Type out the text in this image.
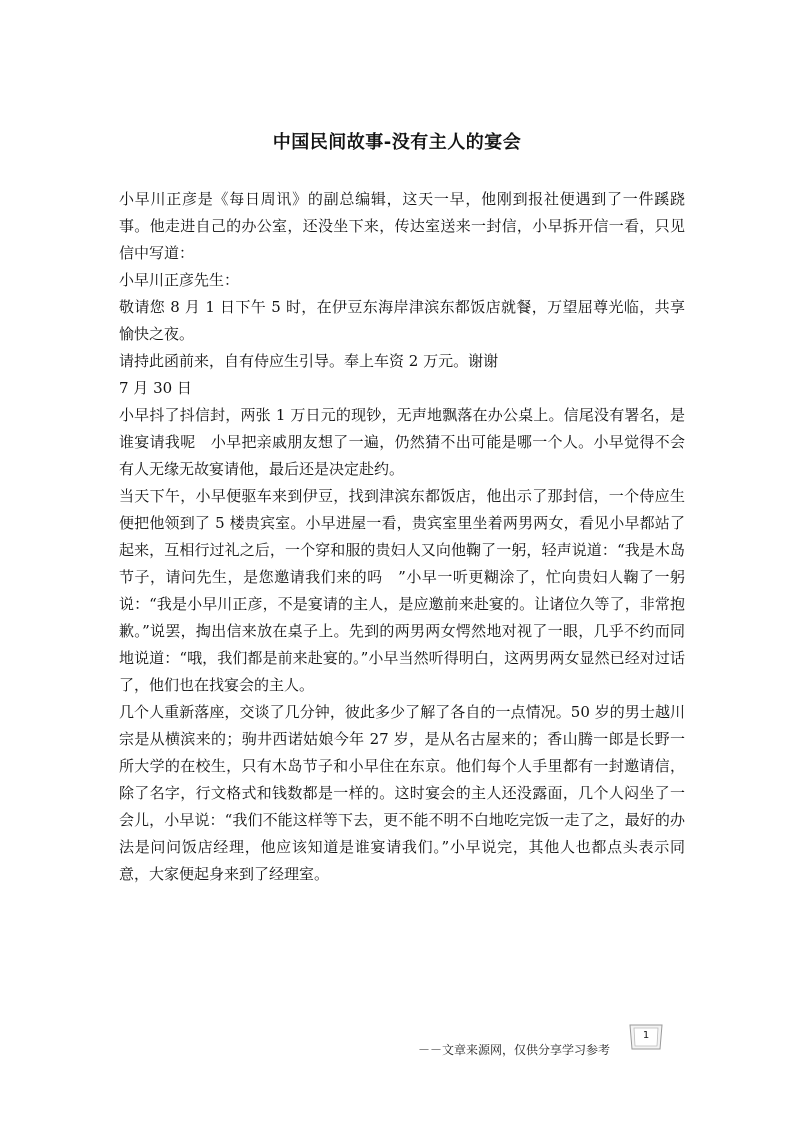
中国民间故事-没有主人的宴会

小早川正彦是《每日周讯》的副总编辑，这天一早，他刚到报社便遇到了一件蹊跷事。他走进自己的办公室，还没坐下来，传达室送来一封信，小早拆开信一看，只见信中写道：

小早川正彦先生：

敬请您 8 月 1 日下午 5 时，在伊豆东海岸津滨东都饭店就餐，万望屈尊光临，共享愉快之夜。

请持此函前来，自有侍应生引导。奉上车资 2 万元。谢谢

7 月 30 日

小早抖了抖信封，两张 1 万日元的现钞，无声地飘落在办公桌上。信尾没有署名，是谁宴请我呢　小早把亲戚朋友想了一遍，仍然猜不出可能是哪一个人。小早觉得不会有人无缘无故宴请他，最后还是决定赴约。

当天下午，小早便驱车来到伊豆，找到津滨东都饭店，他出示了那封信，一个侍应生便把他领到了 5 楼贵宾室。小早进屋一看，贵宾室里坐着两男两女，看见小早都站了起来，互相行过礼之后，一个穿和服的贵妇人又向他鞠了一躬，轻声说道：“我是木岛节子，请问先生，是您邀请我们来的吗　”小早一听更糊涂了，忙向贵妇人鞠了一躬说：“我是小早川正彦，不是宴请的主人，是应邀前来赴宴的。让诸位久等了，非常抱歉。”说罢，掏出信来放在桌子上。先到的两男两女愕然地对视了一眼，几乎不约而同地说道：“哦，我们都是前来赴宴的。”小早当然听得明白，这两男两女显然已经对过话了，他们也在找宴会的主人。

几个人重新落座，交谈了几分钟，彼此多少了解了各自的一点情况。50 岁的男士越川宗是从横滨来的；驹井西诺姑娘今年 27 岁，是从名古屋来的；香山腾一郎是长野一所大学的在校生，只有木岛节子和小早住在东京。他们每个人手里都有一封邀请信，除了名字，行文格式和钱数都是一样的。这时宴会的主人还没露面，几个人闷坐了一会儿，小早说：“我们不能这样等下去，更不能不明不白地吃完饭一走了之，最好的办法是问问饭店经理，他应该知道是谁宴请我们。”小早说完，其他人也都点头表示同意，大家便起身来到了经理室。

－－文章来源网，仅供分享学习参考
1
